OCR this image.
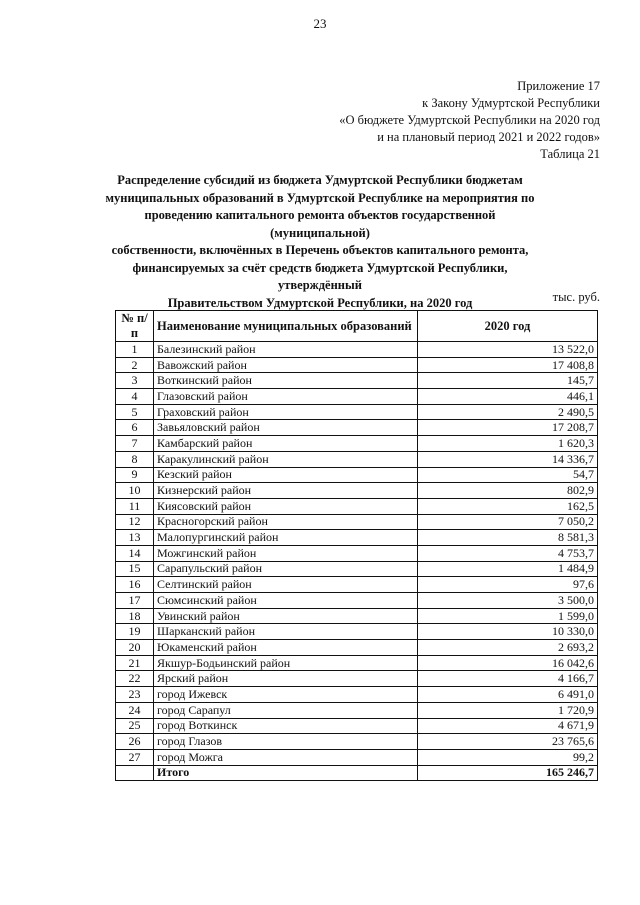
23
Приложение 17
к Закону Удмуртской Республики
«О бюджете Удмуртской Республики на 2020 год
и на плановый период 2021 и 2022 годов»
Таблица 21
Распределение субсидий из бюджета Удмуртской Республики бюджетам
муниципальных образований в Удмуртской Республике на мероприятия по
проведению капитального ремонта объектов государственной (муниципальной)
собственности, включённых в Перечень объектов капитального ремонта,
финансируемых за счёт средств бюджета Удмуртской Республики, утверждённый
Правительством Удмуртской Республики, на 2020 год	тыс. руб.
№ п/п	Наименование муниципальных образований	2020 год
1	Балезинский район	13 522,0
2	Вавожский район	17 408,8
3	Воткинский район	145,7
4	Глазовский район	446,1
5	Граховский район	2 490,5
6	Завьяловский район	17 208,7
7	Камбарский район	1 620,3
8	Каракулинский район	14 336,7
9	Кезский район	54,7
10	Кизнерский район	802,9
11	Киясовский район	162,5
12	Красногорский район	7 050,2
13	Малопургинский район	8 581,3
14	Можгинский район	4 753,7
15	Сарапульский район	1 484,9
16	Селтинский район	97,6
17	Сюмсинский район	3 500,0
18	Увинский район	1 599,0
19	Шарканский район	10 330,0
20	Юкаменский район	2 693,2
21	Якшур-Бодьинский район	16 042,6
22	Ярский район	4 166,7
23	город Ижевск	6 491,0
24	город Сарапул	1 720,9
25	город Воткинск	4 671,9
26	город Глазов	23 765,6
27	город Можга	99,2
	Итого	165 246,7
